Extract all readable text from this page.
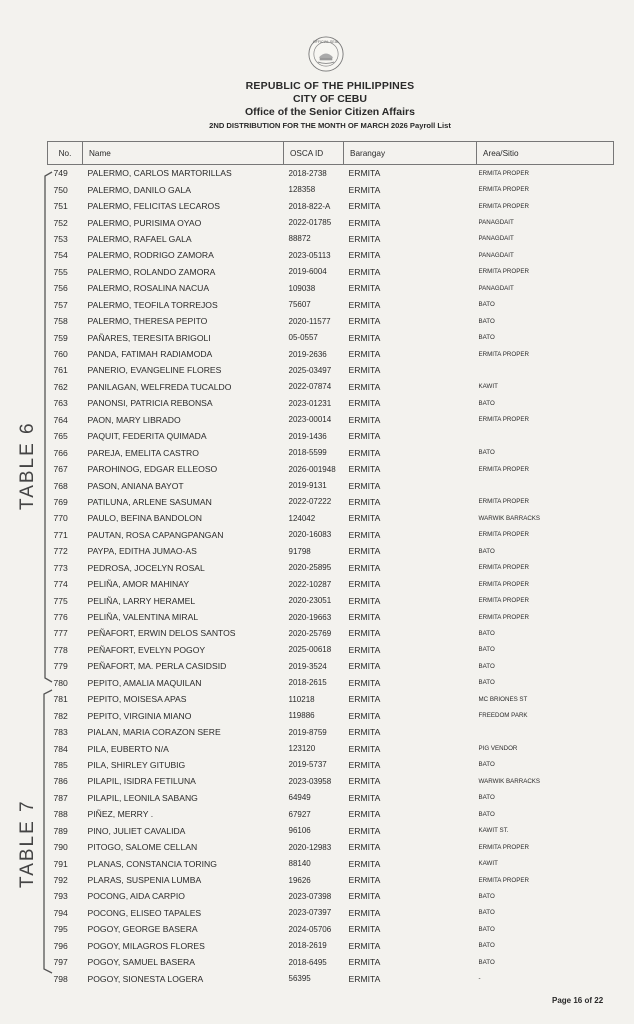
OFFICIAL SEAL
REPUBLIC OF THE PHILIPPINES
CITY OF CEBU
Office of the Senior Citizen Affairs
2ND DISTRIBUTION FOR THE MONTH OF MARCH 2026 Payroll List
No.	Name	OSCA ID	Barangay	Area/Sitio
749	PALERMO, CARLOS MARTORILLAS	2018-2738	ERMITA	ERMITA PROPER
750	PALERMO, DANILO GALA	128358	ERMITA	ERMITA PROPER
751	PALERMO, FELICITAS LECAROS	2018-822-A	ERMITA	ERMITA PROPER
752	PALERMO, PURISIMA OYAO	2022-01785	ERMITA	PANAGDAIT
753	PALERMO, RAFAEL GALA	88872	ERMITA	PANAGDAIT
754	PALERMO, RODRIGO ZAMORA	2023-05113	ERMITA	PANAGDAIT
755	PALERMO, ROLANDO ZAMORA	2019-6004	ERMITA	ERMITA PROPER
756	PALERMO, ROSALINA NACUA	109038	ERMITA	PANAGDAIT
757	PALERMO, TEOFILA TORREJOS	75607	ERMITA	BATO
758	PALERMO, THERESA PEPITO	2020-11577	ERMITA	BATO
759	PAÑARES, TERESITA BRIGOLI	05-0557	ERMITA	BATO
760	PANDA, FATIMAH RADIAMODA	2019-2636	ERMITA	ERMITA PROPER
761	PANERIO, EVANGELINE FLORES	2025-03497	ERMITA	
762	PANILAGAN, WELFREDA TUCALDO	2022-07874	ERMITA	KAWIT
763	PANONSI, PATRICIA REBONSA	2023-01231	ERMITA	BATO
764	PAON, MARY LIBRADO	2023-00014	ERMITA	ERMITA PROPER
765	PAQUIT, FEDERITA QUIMADA	2019-1436	ERMITA	
766	PAREJA, EMELITA CASTRO	2018-5599	ERMITA	BATO
767	PAROHINOG, EDGAR ELLEOSO	2026-001948	ERMITA	ERMITA PROPER
768	PASON, ANIANA BAYOT	2019-9131	ERMITA	
769	PATILUNA, ARLENE SASUMAN	2022-07222	ERMITA	ERMITA PROPER
770	PAULO, BEFINA BANDOLON	124042	ERMITA	WARWIK BARRACKS
771	PAUTAN, ROSA CAPANGPANGAN	2020-16083	ERMITA	ERMITA PROPER
772	PAYPA, EDITHA JUMAO-AS	91798	ERMITA	BATO
773	PEDROSA, JOCELYN ROSAL	2020-25895	ERMITA	ERMITA PROPER
774	PELIÑA, AMOR MAHINAY	2022-10287	ERMITA	ERMITA PROPER
775	PELIÑA, LARRY HERAMEL	2020-23051	ERMITA	ERMITA PROPER
776	PELIÑA, VALENTINA MIRAL	2020-19663	ERMITA	ERMITA PROPER
777	PEÑAFORT, ERWIN DELOS SANTOS	2020-25769	ERMITA	BATO
778	PEÑAFORT, EVELYN POGOY	2025-00618	ERMITA	BATO
779	PEÑAFORT, MA. PERLA CASIDSID	2019-3524	ERMITA	BATO
780	PEPITO, AMALIA MAQUILAN	2018-2615	ERMITA	BATO
781	PEPITO, MOISESA APAS	110218	ERMITA	MC BRIONES ST
782	PEPITO, VIRGINIA MIANO	119886	ERMITA	FREEDOM PARK
783	PIALAN, MARIA CORAZON SERE	2019-8759	ERMITA	
784	PILA, EUBERTO N/A	123120	ERMITA	PIG VENDOR
785	PILA, SHIRLEY GITUBIG	2019-5737	ERMITA	BATO
786	PILAPIL, ISIDRA FETILUNA	2023-03958	ERMITA	WARWIK BARRACKS
787	PILAPIL, LEONILA SABANG	64949	ERMITA	BATO
788	PIÑEZ, MERRY .	67927	ERMITA	BATO
789	PINO, JULIET CAVALIDA	96106	ERMITA	KAWIT ST.
790	PITOGO, SALOME CELLAN	2020-12983	ERMITA	ERMITA PROPER
791	PLANAS, CONSTANCIA TORING	88140	ERMITA	KAWIT
792	PLARAS, SUSPENIA LUMBA	19626	ERMITA	ERMITA PROPER
793	POCONG, AIDA CARPIO	2023-07398	ERMITA	BATO
794	POCONG, ELISEO TAPALES	2023-07397	ERMITA	BATO
795	POGOY, GEORGE BASERA	2024-05706	ERMITA	BATO
796	POGOY, MILAGROS FLORES	2018-2619	ERMITA	BATO
797	POGOY, SAMUEL BASERA	2018-6495	ERMITA	BATO
798	POGOY, SIONESTA LOGERA	56395	ERMITA	-
TABLE 6
TABLE 7
Page 16 of 22
